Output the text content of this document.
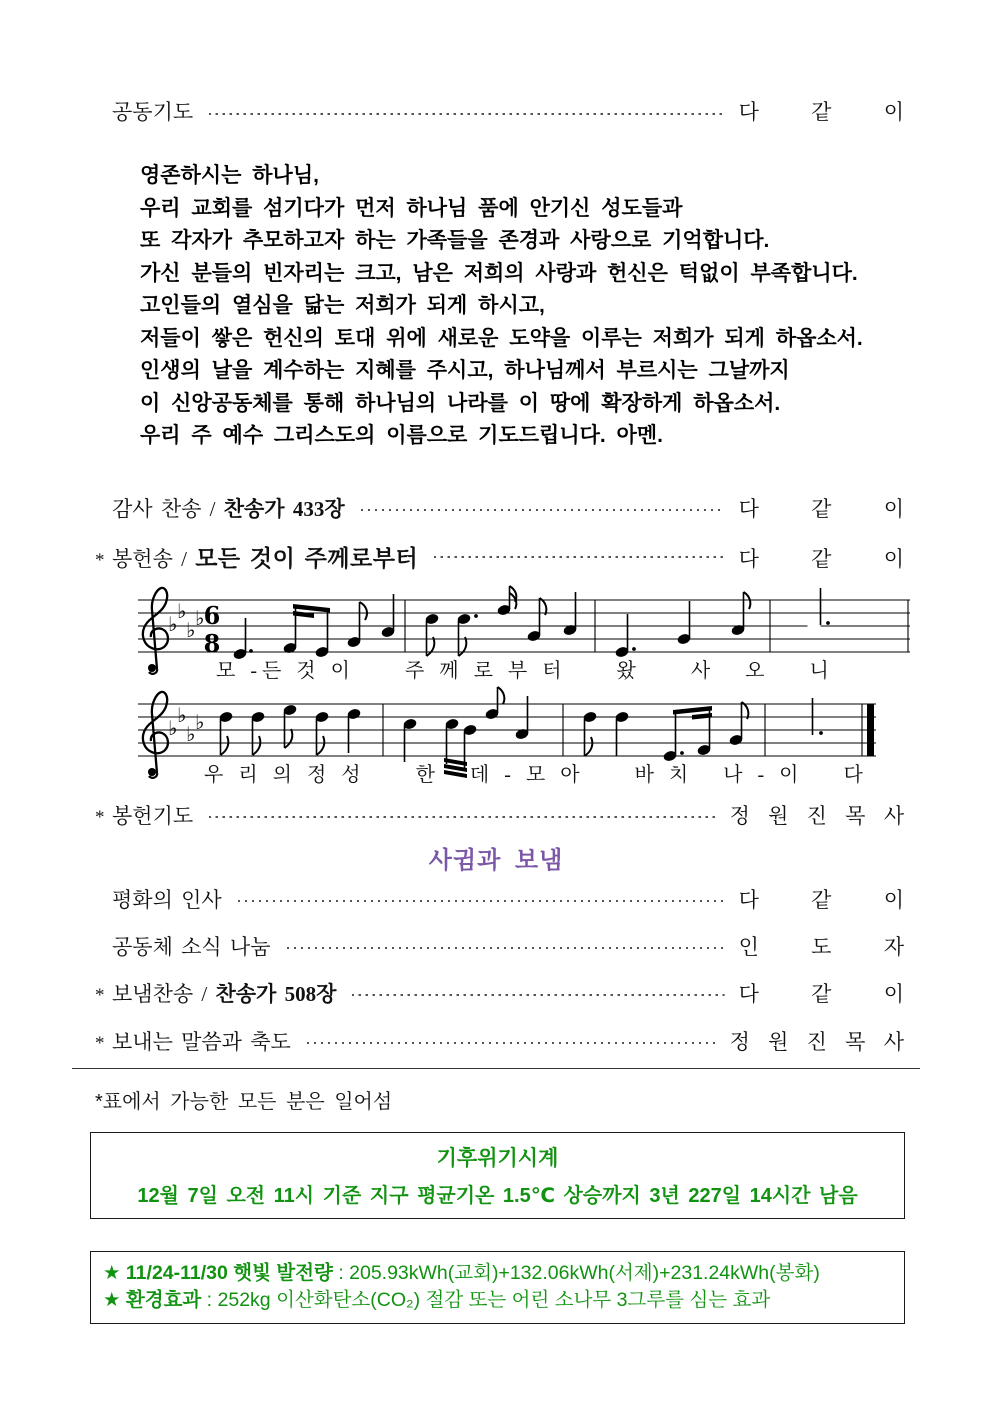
공동기도	다 같 이
영존하시는 하나님,
우리 교회를 섬기다가 먼저 하나님 품에 안기신 성도들과
또 각자가 추모하고자 하는 가족들을 존경과 사랑으로 기억합니다.
가신 분들의 빈자리는 크고, 남은 저희의 사랑과 헌신은 턱없이 부족합니다.
고인들의 열심을 닮는 저희가 되게 하시고,
저들이 쌓은 헌신의 토대 위에 새로운 도약을 이루는 저희가 되게 하옵소서.
인생의 날을 계수하는 지혜를 주시고, 하나님께서 부르시는 그날까지
이 신앙공동체를 통해 하나님의 나라를 이 땅에 확장하게 하옵소서.
우리 주 예수 그리스도의 이름으로 기도드립니다. 아멘.
감사 찬송 / 찬송가 433장	다 같 이
* 봉헌송 / 모든 것이 주께로부터	다 같 이
♭
♭
♭ ♭ 6
8
모 -든 것 이     주 께 로 부 터     왔     사   오    니
♭
♭
♭ ♭
우 리 의 정 성     한   데 - 모 아     바 치   나 - 이    다
* 봉헌기도	정 원 진 목 사
사귐과 보냄
평화의 인사	다 같 이
공동체 소식 나눔	인 도 자
* 보냄찬송 / 찬송가 508장	다 같 이
* 보내는 말씀과 축도	정 원 진 목 사
*표에서 가능한 모든 분은 일어섬
기후위기시계
12월 7일 오전 11시 기준 지구 평균기온 1.5℃ 상승까지 3년 227일 14시간 남음
★ 11/24-11/30 햇빛 발전량 : 205.93kWh(교회)+132.06kWh(서제)+231.24kWh(봉화)
★ 환경효과 : 252kg 이산화탄소(CO₂) 절감 또는 어린 소나무 3그루를 심는 효과
